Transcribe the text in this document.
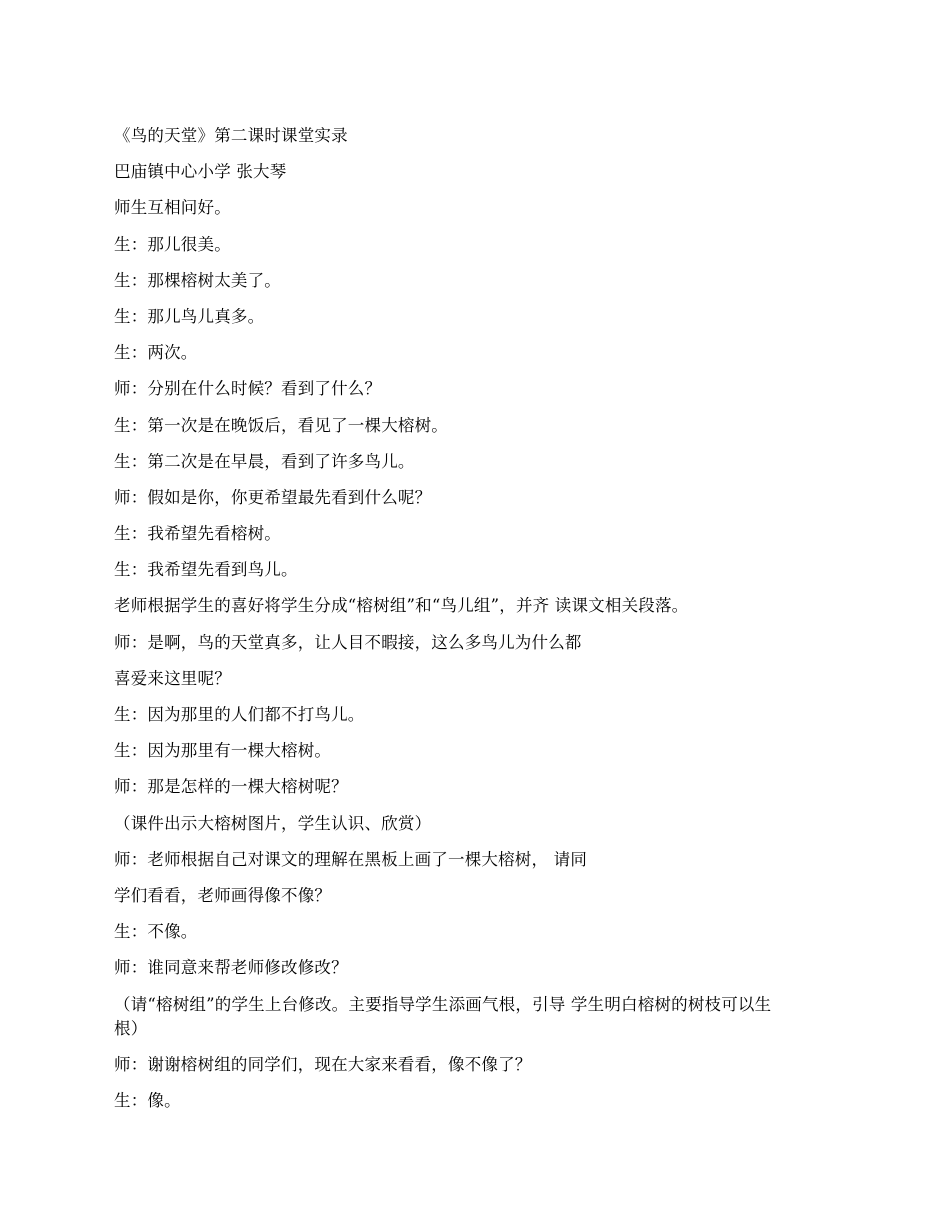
《鸟的天堂》第二课时课堂实录
巴庙镇中心小学 张大琴
师生互相问好。
生：那儿很美。
生：那棵榕树太美了。
生：那儿鸟儿真多。
生：两次。
师：分别在什么时候？看到了什么？
生：第一次是在晚饭后，看见了一棵大榕树。
生：第二次是在早晨，看到了许多鸟儿。
师：假如是你，你更希望最先看到什么呢？
生：我希望先看榕树。
生：我希望先看到鸟儿。
老师根据学生的喜好将学生分成“榕树组”和“鸟儿组”，并齐 读课文相关段落。
师：是啊，鸟的天堂真多，让人目不暇接，这么多鸟儿为什么都
喜爱来这里呢？
生：因为那里的人们都不打鸟儿。
生：因为那里有一棵大榕树。
师：那是怎样的一棵大榕树呢？
（课件出示大榕树图片，学生认识、欣赏）
师：老师根据自己对课文的理解在黑板上画了一棵大榕树， 请同
学们看看，老师画得像不像？
生：不像。
师：谁同意来帮老师修改修改？
（请“榕树组”的学生上台修改。主要指导学生添画气根，引导 学生明白榕树的树枝可以生
根）
师：谢谢榕树组的同学们，现在大家来看看，像不像了？
生：像。
